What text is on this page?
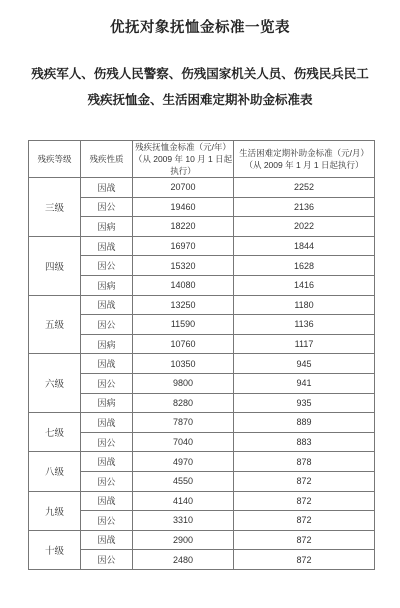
优抚对象抚恤金标准一览表
残疾军人、伤残人民警察、伤残国家机关人员、伤残民兵民工
残疾抚恤金、生活困难定期补助金标准表
残疾等级	残疾性质	残疾抚恤金标准（元/年）（从 2009 年 10 月 1 日起执行）	生活困难定期补助金标准（元/月）（从 2009 年 1 月 1 日起执行）
三级	因战	20700	2252
	因公	19460	2136
	因病	18220	2022
四级	因战	16970	1844
	因公	15320	1628
	因病	14080	1416
五级	因战	13250	1180
	因公	11590	1136
	因病	10760	1117
六级	因战	10350	945
	因公	9800	941
	因病	8280	935
七级	因战	7870	889
	因公	7040	883
八级	因战	4970	878
	因公	4550	872
九级	因战	4140	872
	因公	3310	872
十级	因战	2900	872
	因公	2480	872
